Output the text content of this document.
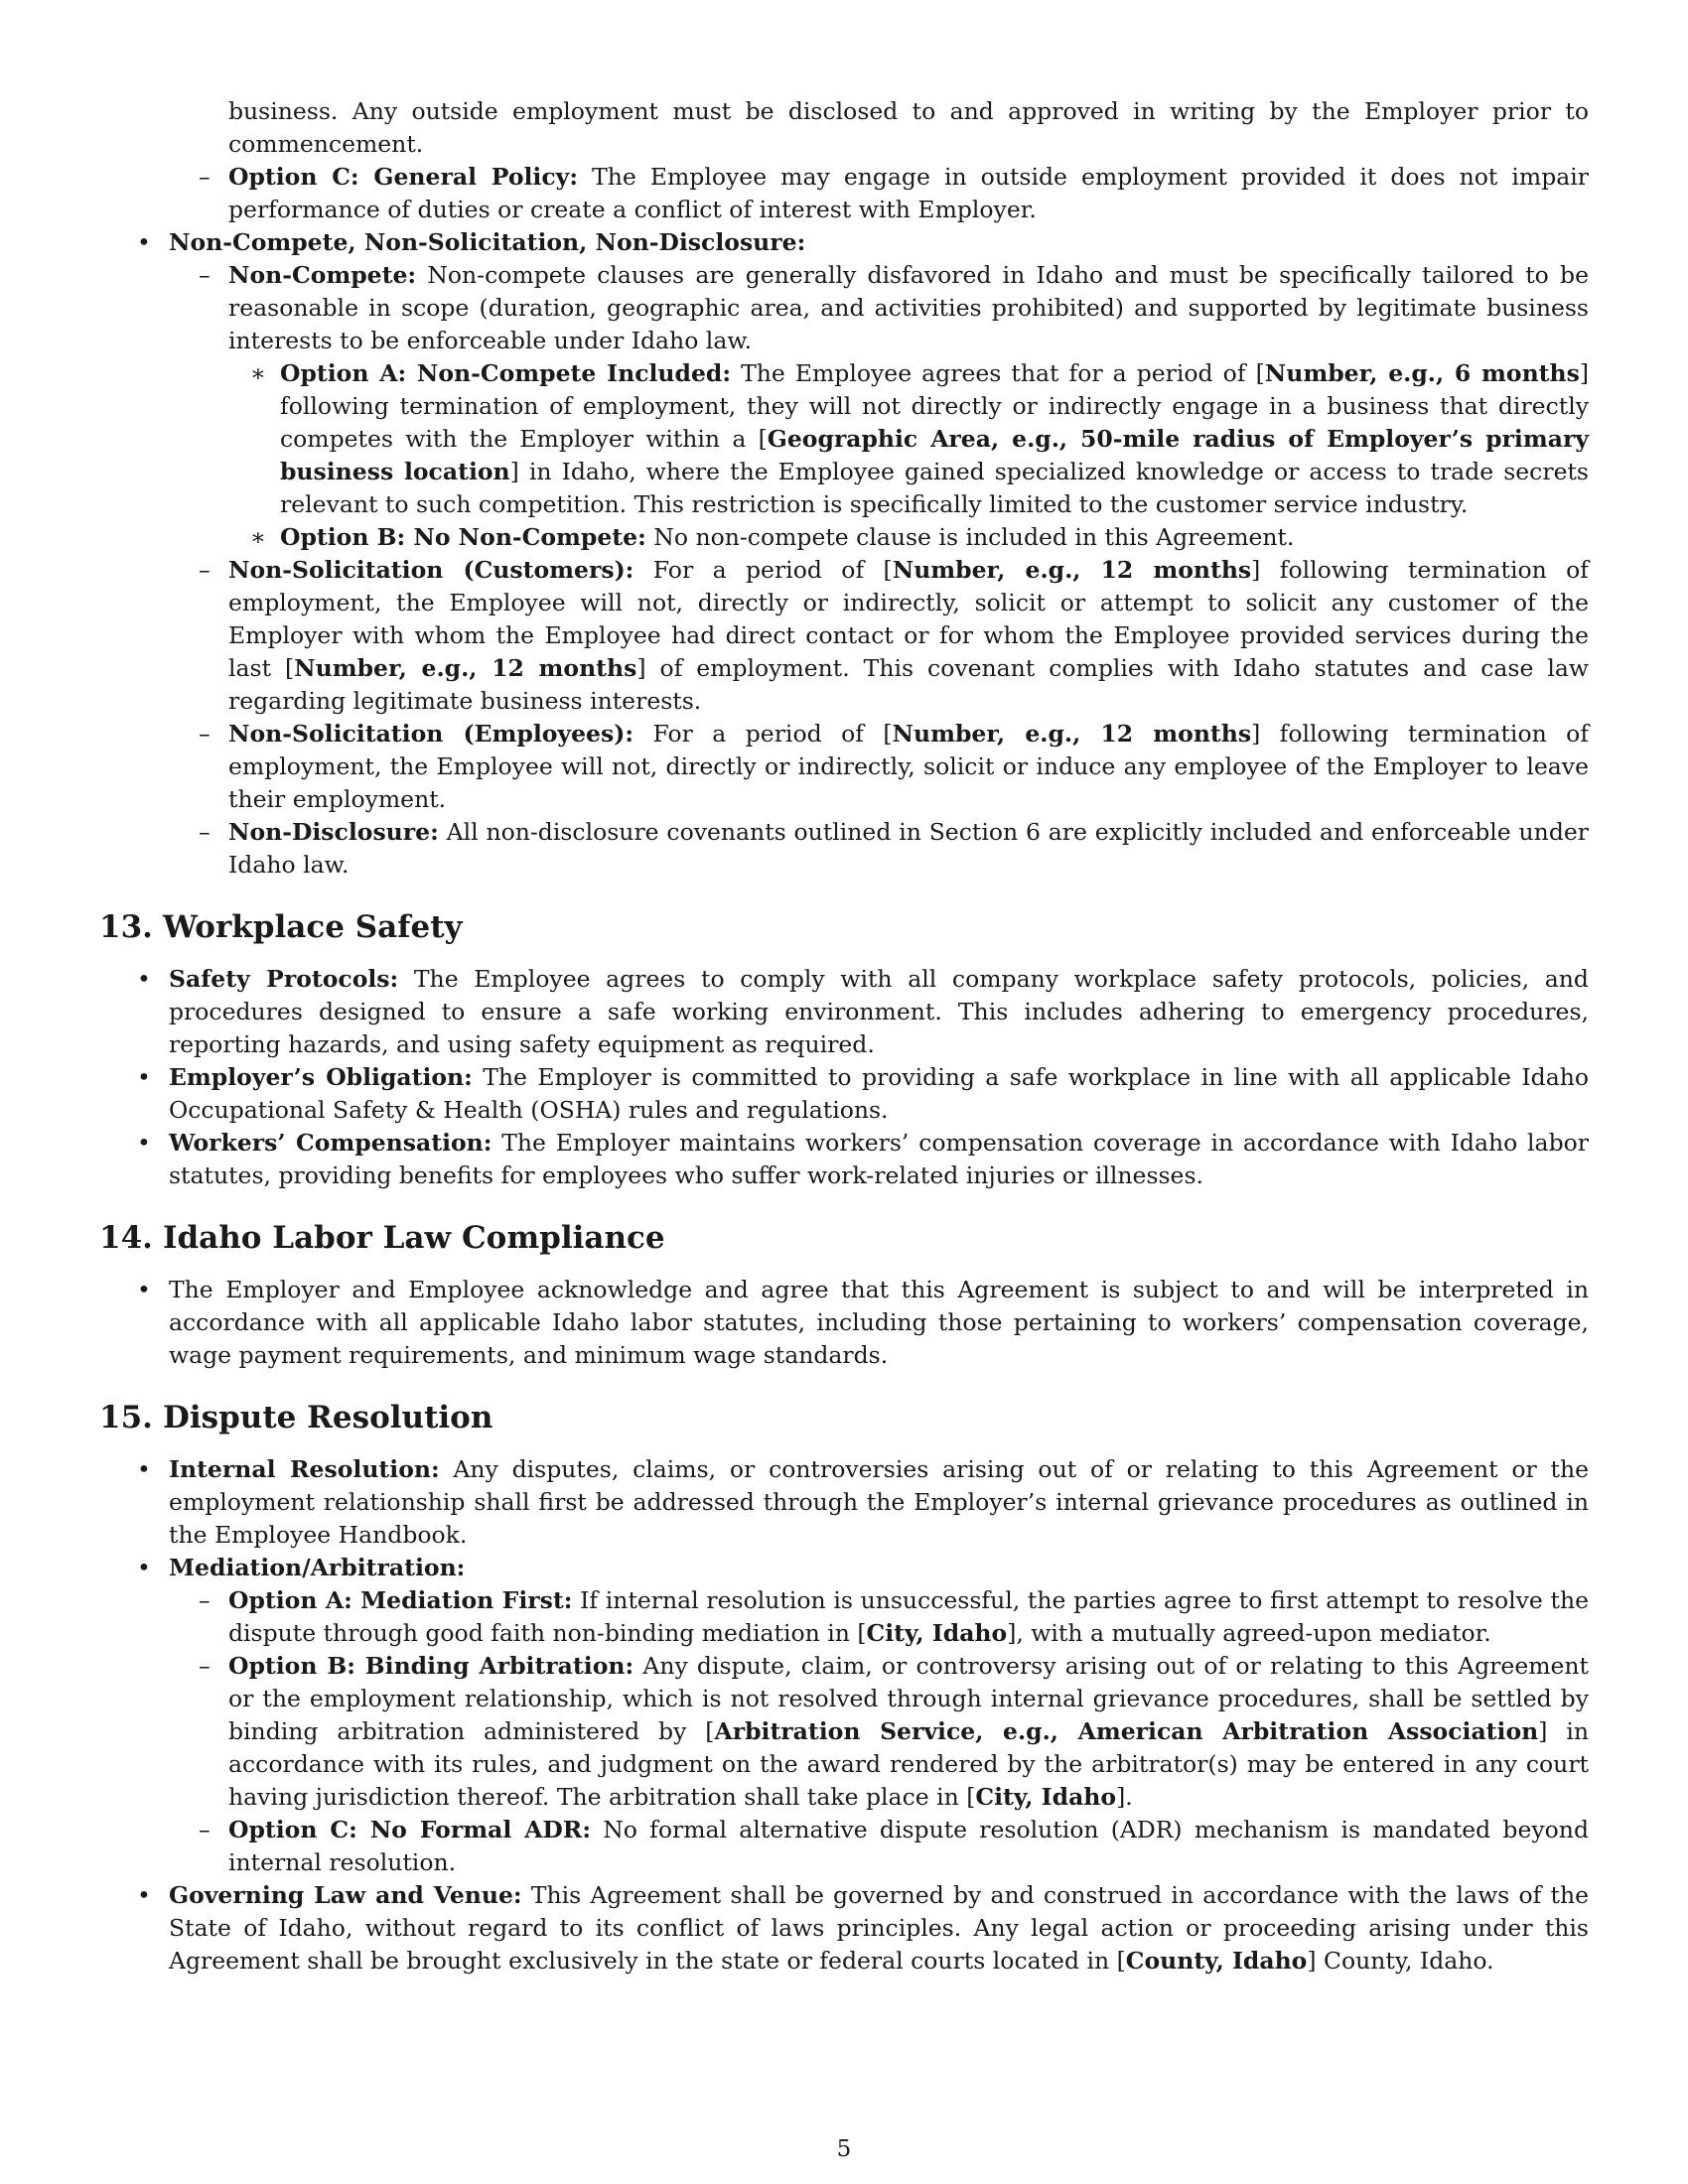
business. Any outside employment must be disclosed to and approved in writing by the Employer prior to commencement.
– Option C: General Policy: The Employee may engage in outside employment provided it does not impair performance of duties or create a conflict of interest with Employer.
• Non-Compete, Non-Solicitation, Non-Disclosure:
– Non-Compete: Non-compete clauses are generally disfavored in Idaho and must be specifically tailored to be reasonable in scope (duration, geographic area, and activities prohibited) and supported by legitimate business interests to be enforceable under Idaho law.
∗ Option A: Non-Compete Included: The Employee agrees that for a period of [Number, e.g., 6 months] following termination of employment, they will not directly or indirectly engage in a business that directly competes with the Employer within a [Geographic Area, e.g., 50-mile radius of Employer’s primary business location] in Idaho, where the Employee gained specialized knowledge or access to trade secrets relevant to such competition. This restriction is specifically limited to the customer service industry.
∗ Option B: No Non-Compete: No non-compete clause is included in this Agreement.
– Non-Solicitation (Customers): For a period of [Number, e.g., 12 months] following termination of employment, the Employee will not, directly or indirectly, solicit or attempt to solicit any customer of the Employer with whom the Employee had direct contact or for whom the Employee provided services during the last [Number, e.g., 12 months] of employment. This covenant complies with Idaho statutes and case law regarding legitimate business interests.
– Non-Solicitation (Employees): For a period of [Number, e.g., 12 months] following termination of employment, the Employee will not, directly or indirectly, solicit or induce any employee of the Employer to leave their employment.
– Non-Disclosure: All non-disclosure covenants outlined in Section 6 are explicitly included and enforceable under Idaho law.
13. Workplace Safety
• Safety Protocols: The Employee agrees to comply with all company workplace safety protocols, policies, and procedures designed to ensure a safe working environment. This includes adhering to emergency procedures, reporting hazards, and using safety equipment as required.
• Employer’s Obligation: The Employer is committed to providing a safe workplace in line with all applicable Idaho Occupational Safety & Health (OSHA) rules and regulations.
• Workers’ Compensation: The Employer maintains workers’ compensation coverage in accordance with Idaho labor statutes, providing benefits for employees who suffer work-related injuries or illnesses.
14. Idaho Labor Law Compliance
• The Employer and Employee acknowledge and agree that this Agreement is subject to and will be interpreted in accordance with all applicable Idaho labor statutes, including those pertaining to workers’ compensation coverage, wage payment requirements, and minimum wage standards.
15. Dispute Resolution
• Internal Resolution: Any disputes, claims, or controversies arising out of or relating to this Agreement or the employment relationship shall first be addressed through the Employer’s internal grievance procedures as outlined in the Employee Handbook.
• Mediation/Arbitration:
– Option A: Mediation First: If internal resolution is unsuccessful, the parties agree to first attempt to resolve the dispute through good faith non-binding mediation in [City, Idaho], with a mutually agreed-upon mediator.
– Option B: Binding Arbitration: Any dispute, claim, or controversy arising out of or relating to this Agreement or the employment relationship, which is not resolved through internal grievance procedures, shall be settled by binding arbitration administered by [Arbitration Service, e.g., American Arbitration Association] in accordance with its rules, and judgment on the award rendered by the arbitrator(s) may be entered in any court having jurisdiction thereof. The arbitration shall take place in [City, Idaho].
– Option C: No Formal ADR: No formal alternative dispute resolution (ADR) mechanism is mandated beyond internal resolution.
• Governing Law and Venue: This Agreement shall be governed by and construed in accordance with the laws of the State of Idaho, without regard to its conflict of laws principles. Any legal action or proceeding arising under this Agreement shall be brought exclusively in the state or federal courts located in [County, Idaho] County, Idaho.
5
